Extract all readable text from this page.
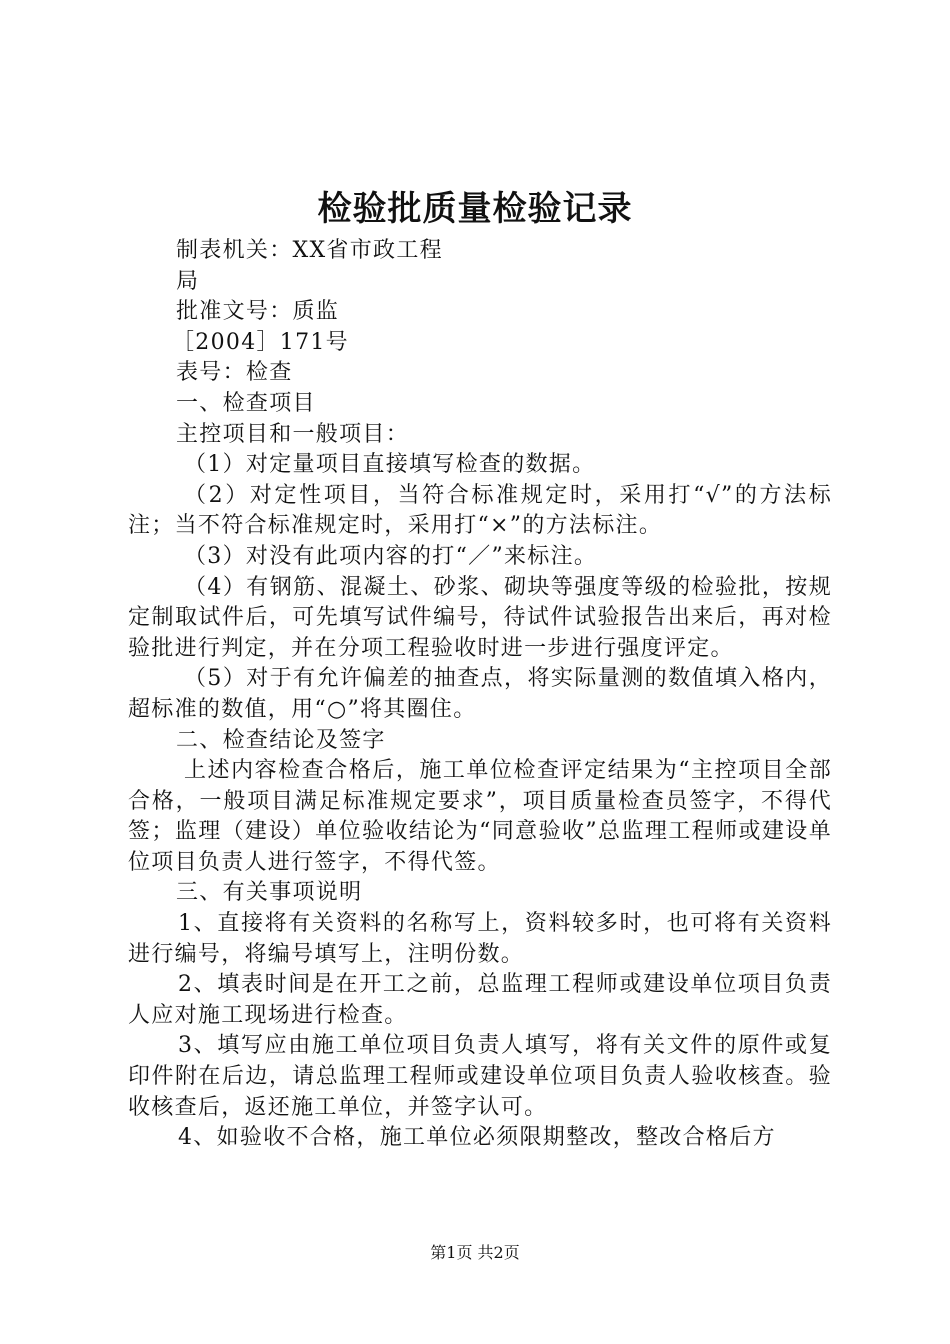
检验批质量检验记录

制表机关：XX省市政工程

局

批准文号：质监

［2004］171号

表号：检查

一、检查项目

主控项目和一般项目：

（1）对定量项目直接填写检查的数据。

（2）对定性项目，当符合标准规定时，采用打“√”的方法标注；当不符合标准规定时，采用打“×”的方法标注。

（3）对没有此项内容的打“／”来标注。

（4）有钢筋、混凝土、砂浆、砌块等强度等级的检验批，按规定制取试件后，可先填写试件编号，待试件试验报告出来后，再对检验批进行判定，并在分项工程验收时进一步进行强度评定。

（5）对于有允许偏差的抽查点，将实际量测的数值填入格内，超标准的数值，用“○”将其圈住。

二、检查结论及签字

上述内容检查合格后，施工单位检查评定结果为“主控项目全部合格，一般项目满足标准规定要求”，项目质量检查员签字，不得代签；监理（建设）单位验收结论为“同意验收”总监理工程师或建设单位项目负责人进行签字，不得代签。

三、有关事项说明

1、直接将有关资料的名称写上，资料较多时，也可将有关资料进行编号，将编号填写上，注明份数。

2、填表时间是在开工之前，总监理工程师或建设单位项目负责人应对施工现场进行检查。

3、填写应由施工单位项目负责人填写，将有关文件的原件或复印件附在后边，请总监理工程师或建设单位项目负责人验收核查。验收核查后，返还施工单位，并签字认可。

4、如验收不合格，施工单位必须限期整改，整改合格后方

第1页 共2页
